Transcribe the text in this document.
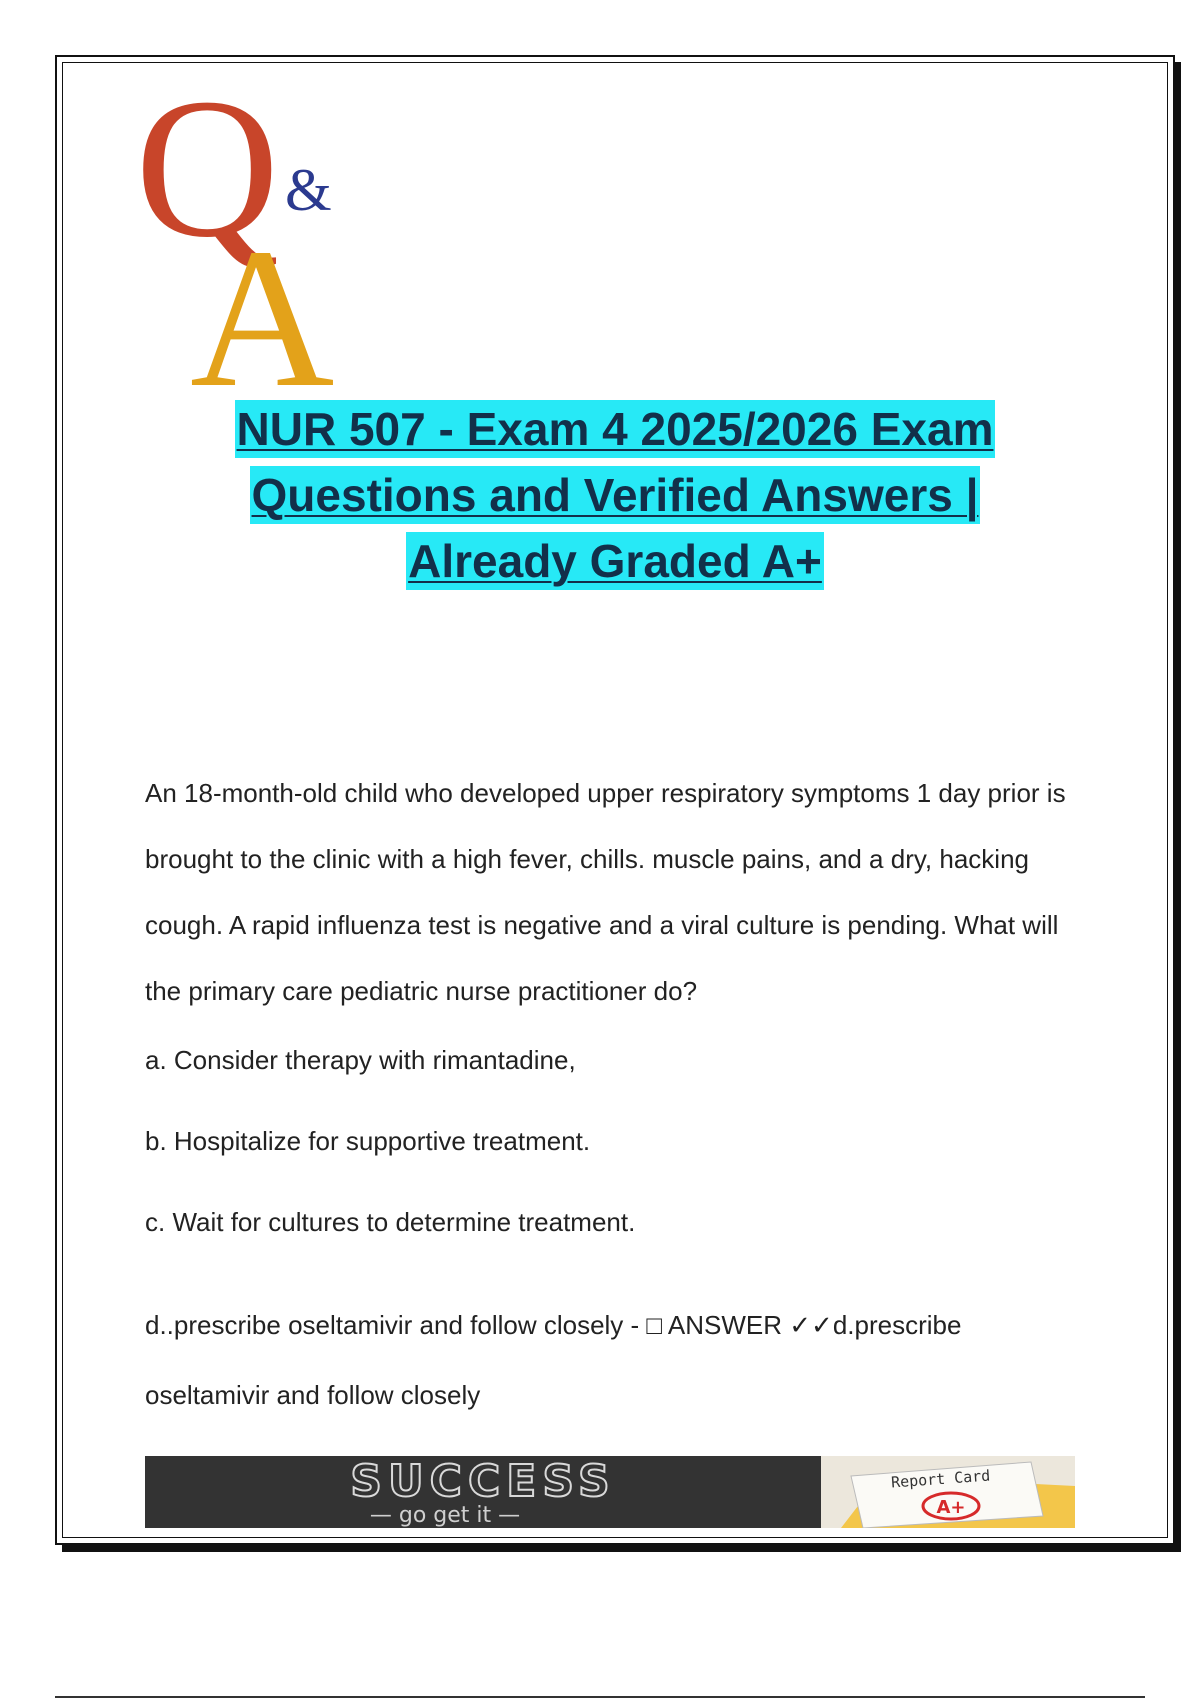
Q &
A
NUR 507 - Exam 4 2025/2026 Exam
Questions and Verified Answers |
Already Graded A+

An 18-month-old child who developed upper respiratory symptoms 1 day prior is brought to the clinic with a high fever, chills. muscle pains, and a dry, hacking cough. A rapid influenza test is negative and a viral culture is pending. What will the primary care pediatric nurse practitioner do?

a. Consider therapy with rimantadine,

b. Hospitalize for supportive treatment.

c. Wait for cultures to determine treatment.

d..prescribe oseltamivir and follow closely - □ ANSWER ✓✓d.prescribe oseltamivir and follow closely

SUCCESS
— go get it —
Report Card
A+
